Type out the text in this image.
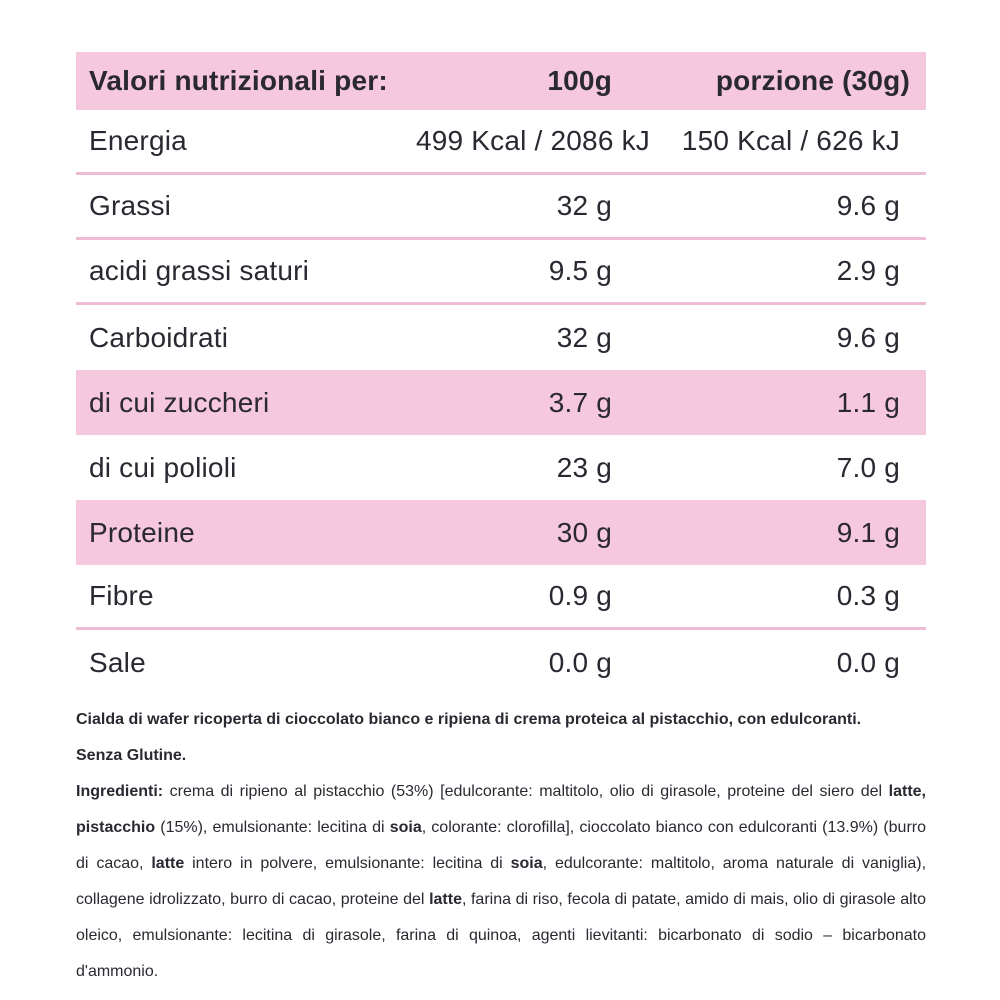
Valori nutrizionali per:	100g	porzione (30g)
Energia	499 Kcal / 2086 kJ	150 Kcal / 626 kJ
Grassi	32 g	9.6 g
acidi grassi saturi	9.5 g	2.9 g
Carboidrati	32 g	9.6 g
di cui zuccheri	3.7 g	1.1 g
di cui polioli	23 g	7.0 g
Proteine	30 g	9.1 g
Fibre	0.9 g	0.3 g
Sale	0.0 g	0.0 g
Cialda di wafer ricoperta di cioccolato bianco e ripiena di crema proteica al pistacchio, con edulcoranti.
Senza Glutine.

Ingredienti: crema di ripieno al pistacchio (53%) [edulcorante: maltitolo, olio di girasole, proteine del siero del latte, pistacchio (15%), emulsionante: lecitina di soia, colorante: clorofilla], cioccolato bianco con edulcoranti (13.9%) (burro di cacao, latte intero in polvere, emulsionante: lecitina di soia, edulcorante: maltitolo, aroma naturale di vaniglia), collagene idrolizzato, burro di cacao, proteine del latte, farina di riso, fecola di patate, amido di mais, olio di girasole alto oleico, emulsionante: lecitina di girasole, farina di quinoa, agenti lievitanti: bicarbonato di sodio – bicarbonato d'ammonio.
